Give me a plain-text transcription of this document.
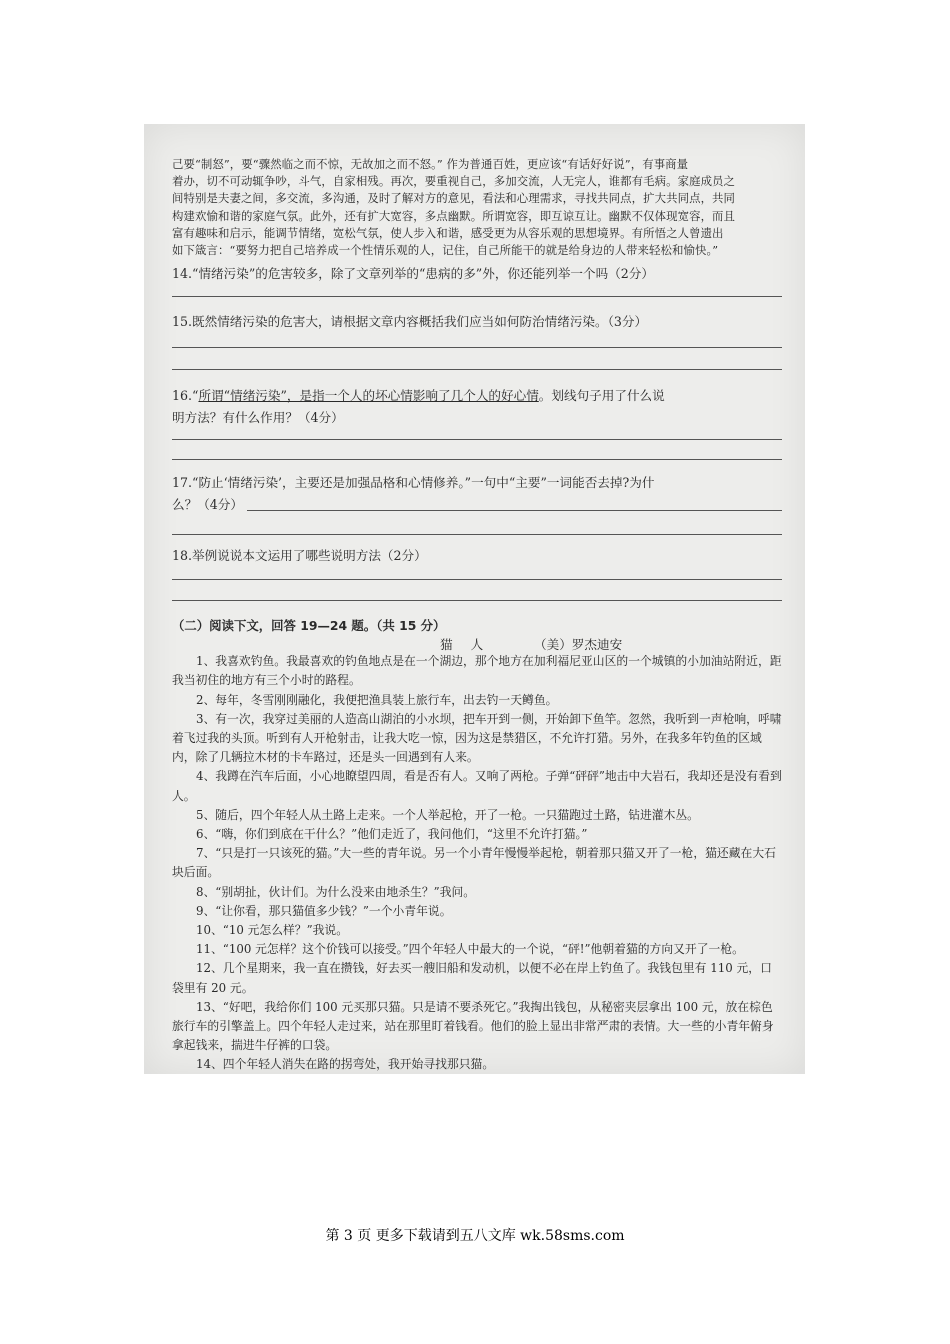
己要“制怒”，要“骤然临之而不惊，无故加之而不怒。” 作为普通百姓，更应该“有话好好说”，有事商量

着办，切不可动辄争吵，斗气，自家相残。再次，要重视自己，多加交流，人无完人，谁都有毛病。家庭成员之

间特别是夫妻之间，多交流，多沟通，及时了解对方的意见，看法和心理需求，寻找共同点，扩大共同点，共同

构建欢愉和谐的家庭气氛。此外，还有扩大宽容，多点幽默。所谓宽容，即互谅互让。幽默不仅体现宽容，而且

富有趣味和启示，能调节情绪，宽松气氛，使人步入和谐，感受更为从容乐观的思想境界。有所悟之人曾遗出

如下箴言：“要努力把自己培养成一个性情乐观的人，记住，自己所能干的就是给身边的人带来轻松和愉快。”

14.“情绪污染”的危害较多，除了文章列举的“患病的多”外，你还能列举一个吗（2分）

15.既然情绪污染的危害大，请根据文章内容概括我们应当如何防治情绪污染。（3分）

16.“所谓“情绪污染”，是指一个人的坏心情影响了几个人的好心情。划线句子用了什么说

明方法？有什么作用？（4分）

17.“防止‘情绪污染’，主要还是加强品格和心情修养。”一句中“主要”一词能否去掉?为什

么？（4分）

18.举例说说本文运用了哪些说明方法（2分）

（二）阅读下文，回答 19—24 题。（共 15 分）
猫人	（美）罗杰迪安

1、我喜欢钓鱼。我最喜欢的钓鱼地点是在一个湖边，那个地方在加利福尼亚山区的一个城镇的小加油站附近，距我当初住的地方有三个小时的路程。

2、每年，冬雪刚刚融化，我便把渔具装上旅行车，出去钓一天鳟鱼。

3、有一次，我穿过美丽的人造高山湖泊的小水坝，把车开到一侧，开始卸下鱼竿。忽然，我听到一声枪响，呼啸着飞过我的头顶。听到有人开枪射击，让我大吃一惊，因为这是禁猎区，不允许打猎。另外，在我多年钓鱼的区域内，除了几辆拉木材的卡车路过，还是头一回遇到有人来。

4、我蹲在汽车后面，小心地瞭望四周，看是否有人。又响了两枪。子弹“砰砰”地击中大岩石，我却还是没有看到人。

5、随后，四个年轻人从土路上走来。一个人举起枪，开了一枪。一只猫跑过土路，钻进灌木丛。

6、“嗨，你们到底在干什么？”他们走近了，我问他们，“这里不允许打猫。”

7、“只是打一只该死的猫。”大一些的青年说。另一个小青年慢慢举起枪，朝着那只猫又开了一枪，猫还藏在大石块后面。

8、“别胡扯，伙计们。为什么没来由地杀生？”我问。

9、“让你看，那只猫值多少钱？”一个小青年说。

10、“10 元怎么样？”我说。

11、“100 元怎样？这个价钱可以接受。”四个年轻人中最大的一个说，“砰!”他朝着猫的方向又开了一枪。

12、几个星期来，我一直在攒钱，好去买一艘旧船和发动机，以便不必在岸上钓鱼了。我钱包里有 110 元，口袋里有 20 元。

13、“好吧，我给你们 100 元买那只猫。只是请不要杀死它。”我掏出钱包，从秘密夹层拿出 100 元，放在棕色旅行车的引擎盖上。四个年轻人走过来，站在那里盯着钱看。他们的脸上显出非常严肃的表情。大一些的小青年俯身拿起钱来，揣进牛仔裤的口袋。

14、四个年轻人消失在路的拐弯处，我开始寻找那只猫。

第 3 页 更多下载请到五八文库 wk.58sms.com
